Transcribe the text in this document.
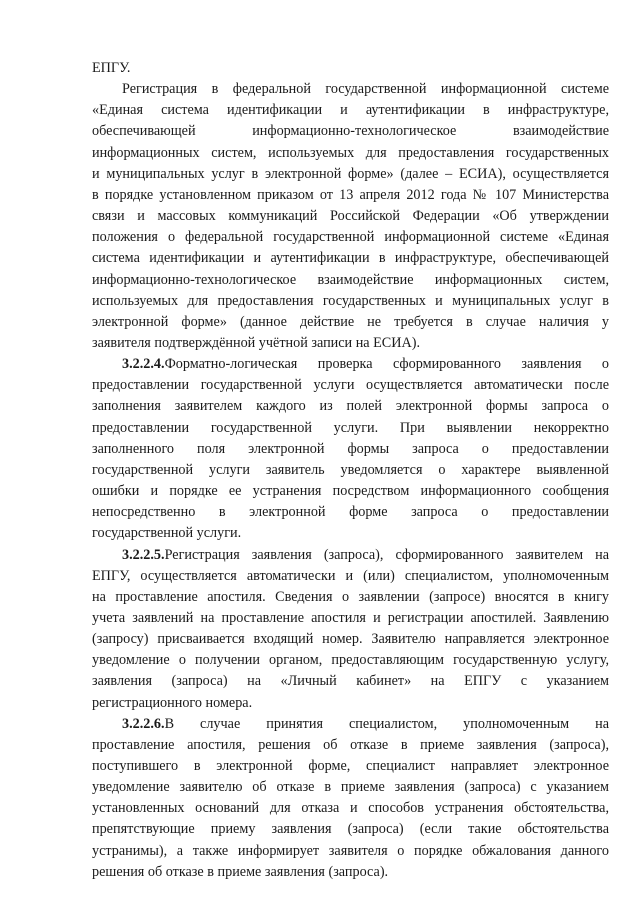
ЕПГУ.
Регистрация в федеральной государственной информационной системе
«Единая система идентификации и аутентификации в инфраструктуре,
обеспечивающей информационно-технологическое взаимодействие
информационных систем, используемых для предоставления государственных
и муниципальных услуг в электронной форме» (далее – ЕСИА), осуществляется
в порядке установленном приказом от 13 апреля 2012 года № 107 Министерства
связи и массовых коммуникаций Российской Федерации «Об утверждении
положения о федеральной государственной информационной системе «Единая
система идентификации и аутентификации в инфраструктуре, обеспечивающей
информационно-технологическое взаимодействие информационных систем,
используемых для предоставления государственных и муниципальных услуг в
электронной форме» (данное действие не требуется в случае наличия у
заявителя подтверждённой учётной записи на ЕСИА).
3.2.2.4.Форматно-логическая проверка сформированного заявления о
предоставлении государственной услуги осуществляется автоматически после
заполнения заявителем каждого из полей электронной формы запроса о
предоставлении государственной услуги. При выявлении некорректно
заполненного поля электронной формы запроса о предоставлении
государственной услуги заявитель уведомляется о характере выявленной
ошибки и порядке ее устранения посредством информационного сообщения
непосредственно в электронной форме запроса о предоставлении
государственной услуги.
3.2.2.5.Регистрация заявления (запроса), сформированного заявителем на
ЕПГУ, осуществляется автоматически и (или) специалистом, уполномоченным
на проставление апостиля. Сведения о заявлении (запросе) вносятся в книгу
учета заявлений на проставление апостиля и регистрации апостилей. Заявлению
(запросу) присваивается входящий номер. Заявителю направляется электронное
уведомление о получении органом, предоставляющим государственную услугу,
заявления (запроса) на «Личный кабинет» на ЕПГУ с указанием
регистрационного номера.
3.2.2.6.В случае принятия специалистом, уполномоченным на
проставление апостиля, решения об отказе в приеме заявления (запроса),
поступившего в электронной форме, специалист направляет электронное
уведомление заявителю об отказе в приеме заявления (запроса) с указанием
установленных оснований для отказа и способов устранения обстоятельства,
препятствующие приему заявления (запроса) (если такие обстоятельства
устранимы), а также информирует заявителя о порядке обжалования данного
решения об отказе в приеме заявления (запроса).
